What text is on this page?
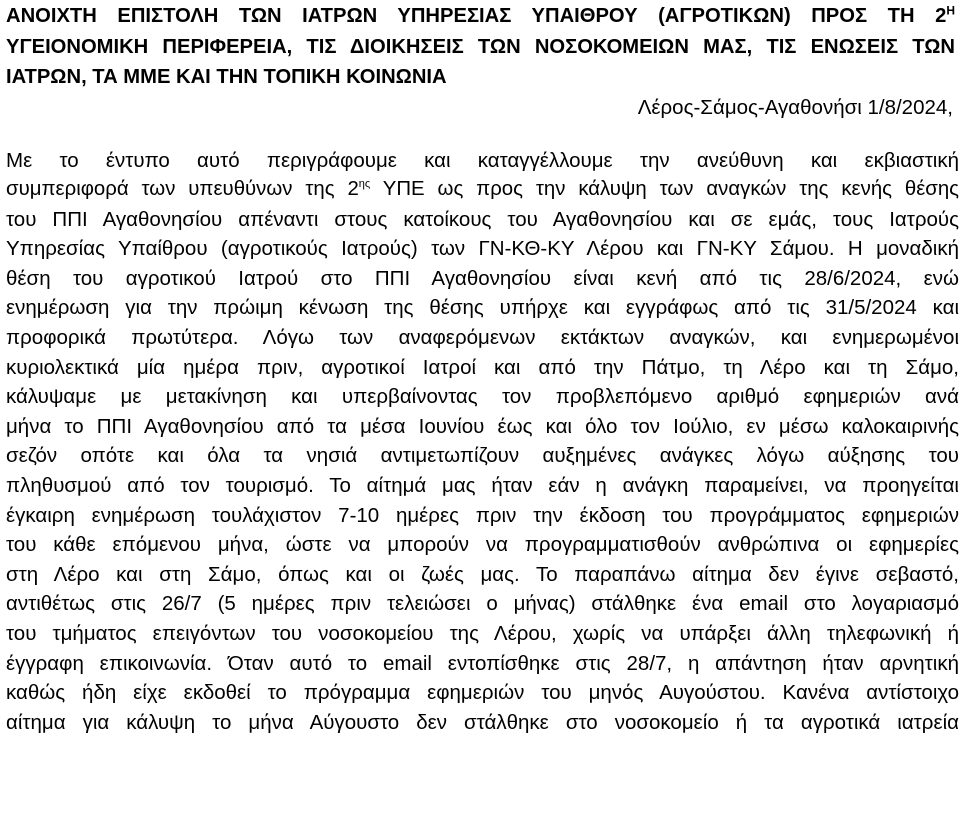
ΑΝΟΙΧΤΗ ΕΠΙΣΤΟΛΗ ΤΩΝ ΙΑΤΡΩΝ ΥΠΗΡΕΣΙΑΣ ΥΠΑΙΘΡΟΥ (ΑΓΡΟΤΙΚΩΝ) ΠΡΟΣ ΤΗ $2^H$
ΥΓΕΙΟΝΟΜΙΚΗ ΠΕΡΙΦΕΡΕΙΑ, ΤΙΣ ΔΙΟΙΚΗΣΕΙΣ ΤΩΝ ΝΟΣΟΚΟΜΕΙΩΝ ΜΑΣ, ΤΙΣ ΕΝΩΣΕΙΣ ΤΩΝ
ΙΑΤΡΩΝ, ΤΑ ΜΜΕ ΚΑΙ ΤΗΝ ΤΟΠΙΚΗ ΚΟΙΝΩΝΙΑ
Λέρος-Σάμος-Αγαθονήσι 1/8/2024,
Με το έντυπο αυτό περιγράφουμε και καταγγέλλουμε την ανεύθυνη και εκβιαστική
συμπεριφορά των υπευθύνων της $2^{\eta\varsigma}$ ΥΠΕ ως προς την κάλυψη των αναγκών της κενής θέσης
του ΠΠΙ Αγαθονησίου απέναντι στους κατοίκους του Αγαθονησίου και σε εμάς, τους Ιατρούς
Υπηρεσίας Υπαίθρου (αγροτικούς Ιατρούς) των ΓΝ-ΚΘ-ΚΥ Λέρου και ΓΝ-ΚΥ Σάμου. Η μοναδική
θέση του αγροτικού Ιατρού στο ΠΠΙ Αγαθονησίου είναι κενή από τις 28/6/2024, ενώ
ενημέρωση για την πρώιμη κένωση της θέσης υπήρχε και εγγράφως από τις 31/5/2024 και
προφορικά πρωτύτερα. Λόγω των αναφερόμενων εκτάκτων αναγκών, και ενημερωμένοι
κυριολεκτικά μία ημέρα πριν, αγροτικοί Ιατροί και από την Πάτμο, τη Λέρο και τη Σάμο,
κάλυψαμε με μετακίνηση και υπερβαίνοντας τον προβλεπόμενο αριθμό εφημεριών ανά
μήνα το ΠΠΙ Αγαθονησίου από τα μέσα Ιουνίου έως και όλο τον Ιούλιο, εν μέσω καλοκαιρινής
σεζόν οπότε και όλα τα νησιά αντιμετωπίζουν αυξημένες ανάγκες λόγω αύξησης του
πληθυσμού από τον τουρισμό. Το αίτημά μας ήταν εάν η ανάγκη παραμείνει, να προηγείται
έγκαιρη ενημέρωση τουλάχιστον 7-10 ημέρες πριν την έκδοση του προγράμματος εφημεριών
του κάθε επόμενου μήνα, ώστε να μπορούν να προγραμματισθούν ανθρώπινα οι εφημερίες
στη Λέρο και στη Σάμο, όπως και οι ζωές μας. Το παραπάνω αίτημα δεν έγινε σεβαστό,
αντιθέτως στις 26/7 (5 ημέρες πριν τελειώσει ο μήνας) στάλθηκε ένα email στο λογαριασμό
του τμήματος επειγόντων του νοσοκομείου της Λέρου, χωρίς να υπάρξει άλλη τηλεφωνική ή
έγγραφη επικοινωνία. Όταν αυτό το email εντοπίσθηκε στις 28/7, η απάντηση ήταν αρνητική
καθώς ήδη είχε εκδοθεί το πρόγραμμα εφημεριών του μηνός Αυγούστου. Κανένα αντίστοιχο
αίτημα για κάλυψη το μήνα Αύγουστο δεν στάλθηκε στο νοσοκομείο ή τα αγροτικά ιατρεία
